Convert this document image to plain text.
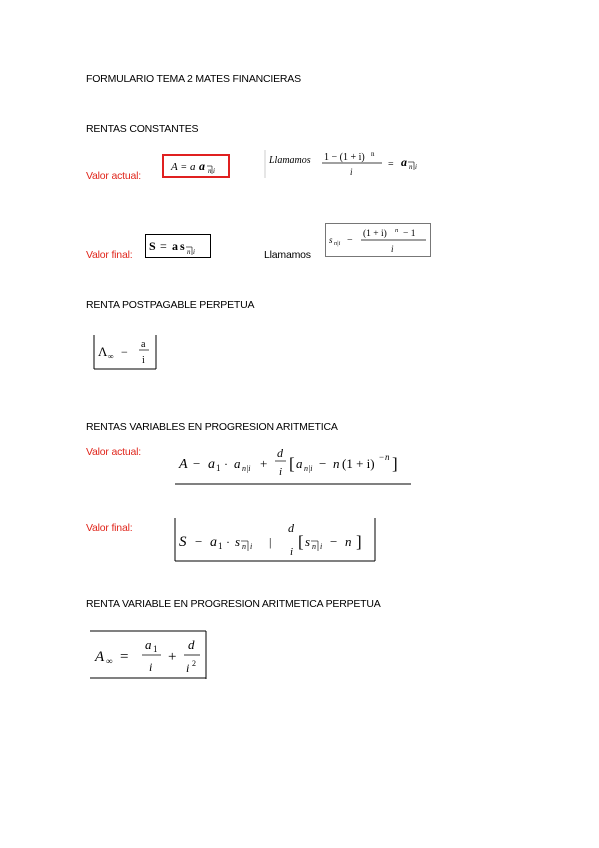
FORMULARIO TEMA 2 MATES FINANCIERAS
RENTAS CONSTANTES
Valor actual:
A = a a n i
Llamamos 1 − (1 + i) n
i
= a n i
Valor final:
S = a s n i	Llamamos
s n|i −
(1 + i) n − 1
i
RENTA POSTPAGABLE PERPETUA
Λ ∞ −
a
i
RENTAS VARIABLES EN PROGRESION ARITMETICA
Valor actual:
A − a 1 · a n|i +
d
i [ a n|i − n (1 + i) − n ]
Valor final:
S − a 1 · s n i |
d
i
[ s n i − n ]
RENTA VARIABLE EN PROGRESION ARITMETICA PERPETUA
A ∞ =
a 1
i
+
d
i 2
